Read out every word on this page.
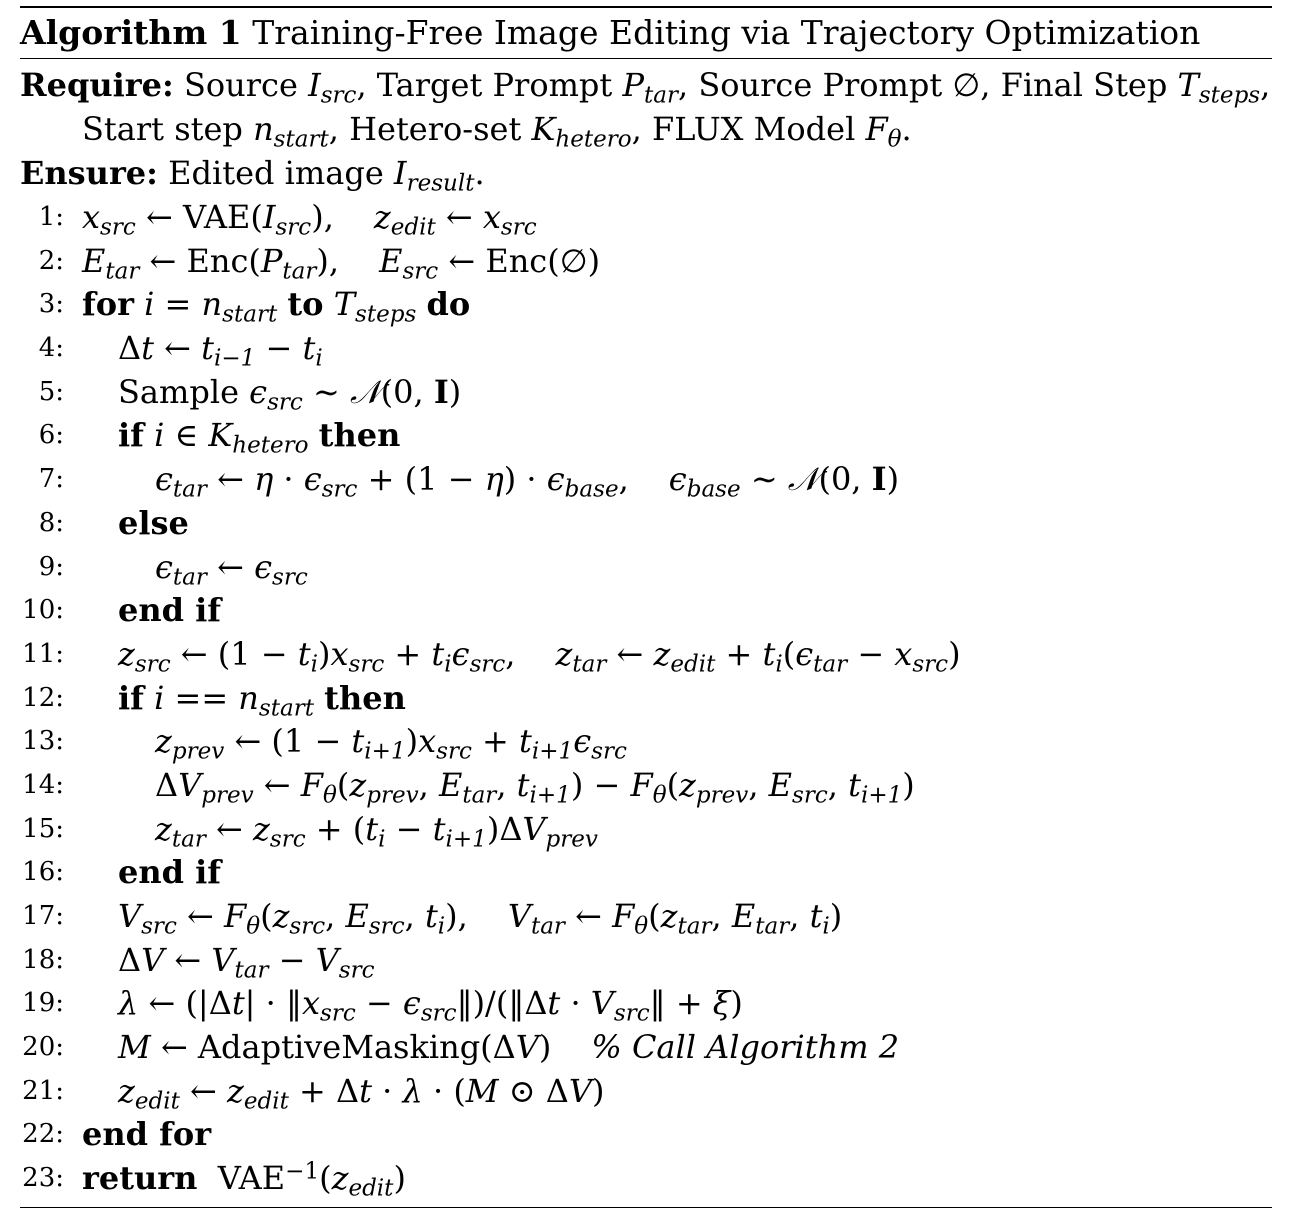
Algorithm 1 Training-Free Image Editing via Trajectory Optimization
Require: Source $I_{src}$, Target Prompt $P_{tar}$, Source Prompt ∅, Final Step $T_{steps}$,
Start step $n_{start}$, Hetero-set $K_{hetero}$, FLUX Model $F_\theta$.
Ensure: Edited image $I_{result}$.
1: $x_{src}$ ← $VAE(I_{src})$, $z_{edit}$ ← $x_{src}$
2: $E_{tar}$ ← $Enc(P_{tar})$, $E_{src}$ ← Enc(∅)
3: for $i = n_{start}$ to $T_{steps}$ do
4: Δt ← $t_{i-1} - t_i$
5: Sample $\epsilon_{src}$ ∼ 𝒩(0, I)
6: if i ∈ $K_{hetero}$ then
7:	$\epsilon_{tar}$ ← $\eta \cdot \epsilon_{src} + (1 - \eta) \cdot \epsilon_{base}$, $\epsilon_{base}$ ∼ 𝒩(0, I)
8: else
9:	$\epsilon_{tar}$ ← $\epsilon_{src}$
10: end if
11: $z_{src}$ ← $(1 - t_i)x_{src} + t_i\epsilon_{src}$, $z_{tar}$ ← $z_{edit} + t_i(\epsilon_{tar} - x_{src})$
12: if $i == n_{start}$ then
13:	$z_{prev}$ ← $(1 - t_{i+1})x_{src} + t_{i+1}\epsilon_{src}$
14:	$\Delta V_{prev}$ ← $F_\theta(z_{prev}$, $E_{tar}$, $t_{i+1}) - F_\theta(z_{prev}$, $E_{src}$, $t_{i+1}$)
15:	$z_{tar}$ ← $z_{src} + (t_i - t_{i+1})\Delta V_{prev}$
16: end if
17: $V_{src}$ ← $F_\theta(z_{src}$, $E_{src}$, $t_i$), $V_{tar}$ ← $F_\theta(z_{tar}$, $E_{tar}$, $t_i$)
18: ΔV ← $V_{tar} - V_{src}$
19: λ ← ($|\Delta t| \cdot ‖x_{src}$ − $\epsilon_{src}‖)/(‖\Delta t$ · $V_{src}‖ + \xi$)
20: M ← AdaptiveMasking(ΔV) % Call Algorithm 2
21: $z_{edit}$ ← $z_{edit} + \Delta t \cdot \lambda \cdot (M$ ⊙ ΔV)
22: end for
23: return  $VAE^{-1}(z_{edit})$
